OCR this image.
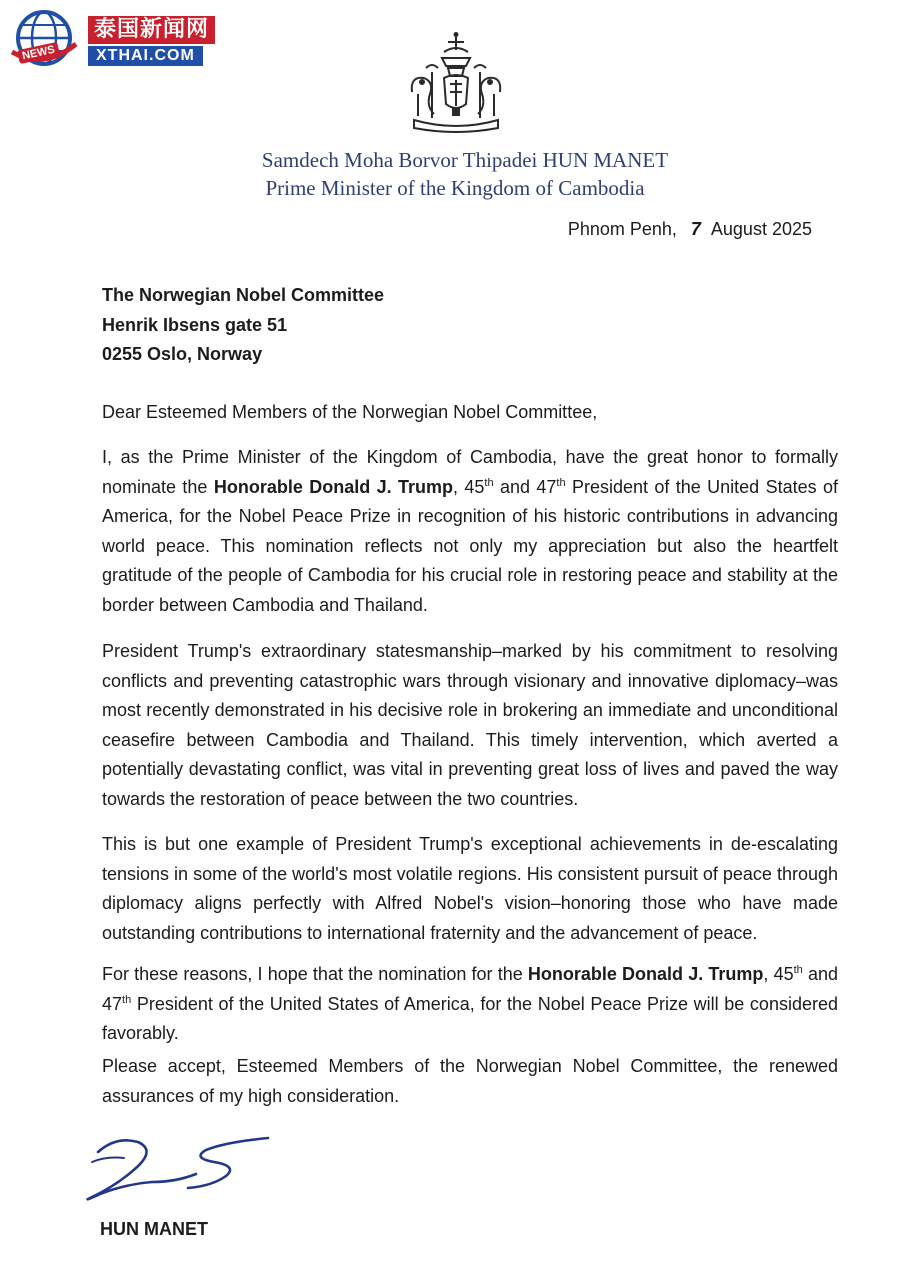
NEWS
泰国新闻网
XTHAI.COM
Samdech Moha Borvor Thipadei HUN MANET
Prime Minister of the Kingdom of Cambodia
Phnom Penh, 7 August 2025
The Norwegian Nobel Committee
Henrik Ibsens gate 51
0255 Oslo, Norway
Dear Esteemed Members of the Norwegian Nobel Committee,
I, as the Prime Minister of the Kingdom of Cambodia, have the great honor to formally nominate the Honorable Donald J. Trump, 45th and 47th President of the United States of America, for the Nobel Peace Prize in recognition of his historic contributions in advancing world peace. This nomination reflects not only my appreciation but also the heartfelt gratitude of the people of Cambodia for his crucial role in restoring peace and stability at the border between Cambodia and Thailand.
President Trump's extraordinary statesmanship–marked by his commitment to resolving conflicts and preventing catastrophic wars through visionary and innovative diplomacy–was most recently demonstrated in his decisive role in brokering an immediate and unconditional ceasefire between Cambodia and Thailand. This timely intervention, which averted a potentially devastating conflict, was vital in preventing great loss of lives and paved the way towards the restoration of peace between the two countries.
This is but one example of President Trump's exceptional achievements in de-escalating tensions in some of the world's most volatile regions. His consistent pursuit of peace through diplomacy aligns perfectly with Alfred Nobel's vision–honoring those who have made outstanding contributions to international fraternity and the advancement of peace.
For these reasons, I hope that the nomination for the Honorable Donald J. Trump, 45th and 47th President of the United States of America, for the Nobel Peace Prize will be considered favorably.
Please accept, Esteemed Members of the Norwegian Nobel Committee, the renewed assurances of my high consideration.
HUN MANET
